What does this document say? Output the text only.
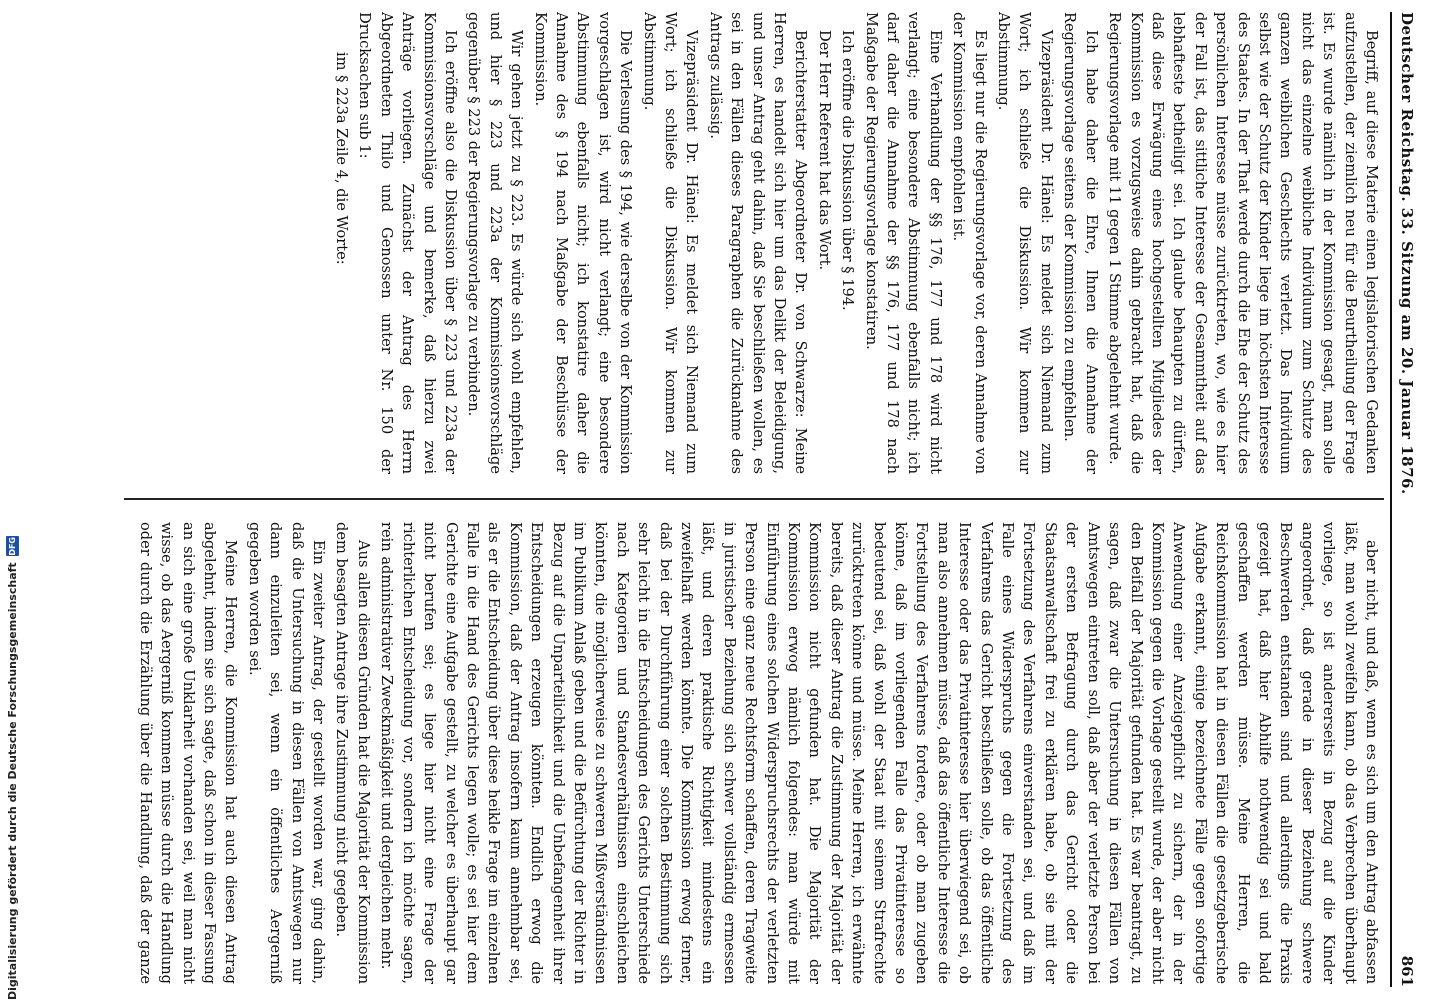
Deutscher Reichstag. 33. Sitzung am 20. Januar 1876.
861

Begriff, auf diese Materie einen legislatorischen Gedanken aufzustellen, der ziemlich neu für die Beurtheilung der Frage ist. Es wurde nämlich in der Kommission gesagt, man solle nicht das einzelne weibliche Individuum zum Schutze des ganzen weiblichen Geschlechts verletzt. Das Individuum selbst wie der Schutz der Kinder liege im höchsten Interesse des Staates. In der That werde durch die Ehe der Schutz des persönlichen Interesse müsse zurücktreten, wo, wie es hier der Fall ist, das sittliche Interesse der Gesammtheit auf das lebhafteste betheiligt sei. Ich glaube behaupten zu dürfen, daß diese Erwägung eines hochgestellten Mitgliedes der Kommission es vorzugsweise dahin gebracht hat, daß die Regierungsvorlage mit 11 gegen 1 Stimme abgelehnt wurde.

Ich habe daher die Ehre, Ihnen die Annahme der Regierungsvorlage seitens der Kommission zu empfehlen.

Vizepräsident Dr. Hänel: Es meldet sich Niemand zum Wort; ich schließe die Diskussion. Wir kommen zur Abstimmung.

Es liegt nur die Regierungsvorlage vor, deren Annahme von der Kommission empfohlen ist.

Eine Verhandlung der §§ 176, 177 und 178 wird nicht verlangt; eine besondere Abstimmung ebenfalls nicht; ich darf daher die Annahme der §§ 176, 177 und 178 nach Maßgabe der Regierungsvorlage konstatiren.

Ich eröffne die Diskussion über § 194.

Der Herr Referent hat das Wort.

Berichterstatter Abgeordneter Dr. von Schwarze: Meine Herren, es handelt sich hier um das Delikt der Beleidigung, und unser Antrag geht dahin, daß Sie beschließen wollen, es sei in den Fällen dieses Paragraphen die Zurücknahme des Antrags zulässig.

Vizepräsident Dr. Hänel: Es meldet sich Niemand zum Wort; ich schließe die Diskussion. Wir kommen zur Abstimmung.

Die Verlesung des § 194, wie derselbe von der Kommission vorgeschlagen ist, wird nicht verlangt; eine besondere Abstimmung ebenfalls nicht; ich konstatire daher die Annahme des § 194 nach Maßgabe der Beschlüsse der Kommission.

Wir gehen jetzt zu § 223. Es würde sich wohl empfehlen, und hier § 223 und 223a der Kommissionsvorschläge gegenüber § 223 der Regierungsvorlage zu verbinden.

Ich eröffne also die Diskussion über § 223 und 223a der Kommissionsvorschläge und bemerke, daß hierzu zwei Anträge vorliegen. Zunächst der Antrag des Herrn Abgeordneten Thilo und Genossen unter Nr. 150 der Drucksachen sub 1:

im § 223a Zeile 4, die Worte:

aber nicht, und daß, wenn es sich um den Antrag abfassen läßt, man wohl zweifeln kann, ob das Verbrechen überhaupt vorliege, so ist andererseits in Bezug auf die Kinder angeordnet, daß gerade in dieser Beziehung schwere Beschwerden entstanden sind und allerdings die Praxis gezeigt hat, daß hier Abhilfe nothwendig sei und bald geschaffen werden müsse. Meine Herren, die Reichskommission hat in diesen Fällen die gesetzgeberische Aufgabe erkannt, einige bezeichnete Fälle gegen sofortige Anwendung einer Anzeigepflicht zu sichern, der in der Kommission gegen die Vorlage gestellt wurde, der aber nicht den Beifall der Majorität gefunden hat. Es war beantragt, zu sagen, daß zwar die Untersuchung in diesen Fällen von Amtswegen eintreten soll, daß aber der verletzte Person bei der ersten Befragung durch das Gericht oder die Staatsanwaltschaft frei zu erklären habe, ob sie mit der Fortsetzung des Verfahrens einverstanden sei, und daß im Falle eines Widerspruchs gegen die Fortsetzung des Verfahrens das Gericht beschließen solle, ob das öffentliche Interesse oder das Privatinteresse hier überwiegend sei, ob man also annehmen müsse, daß das öffentliche Interesse die Fortstellung des Verfahrens fordere, oder ob man zugeben könne, daß im vorliegenden Falle das Privatinteresse so bedeutend sei, daß wohl der Staat mit seinem Strafrechte zurücktreten könne und müsse. Meine Herren, ich erwähnte bereits, daß dieser Antrag die Zustimmung der Majorität der Kommission nicht gefunden hat. Die Majorität der Kommission erwog nämlich folgendes: man würde mit Einführung eines solchen Widerspruchsrechts der verletzten Person eine ganz neue Rechtsform schaffen, deren Tragweite in juristischer Beziehung sich schwer vollständig ermessen läßt, und deren praktische Richtigkeit mindestens ein zweifelhaft werden könnte. Die Kommission erwog ferner, daß bei der Durchführung einer solchen Bestimmung sich sehr leicht in die Entscheidungen des Gerichts Unterschiede nach Kategorien und Standesverhältnissen einschleichen könnten, die möglicherweise zu schweren Mißverständnissen im Publikum Anlaß geben und die Befürchtung der Richter in Bezug auf die Unparteilichkeit und die Unbefangenheit ihrer Entscheidungen erzeugen könnten. Endlich erwog die Kommission, daß der Antrag insofern kaum annehmbar sei, als er die Entscheidung über diese heikle Frage im einzelnen Falle in die Hand des Gerichts legen wolle; es sei hier dem Gerichte eine Aufgabe gestellt, zu welcher es überhaupt gar nicht berufen sei; es liege hier nicht eine Frage der richterlichen Entscheidung vor, sondern ich möchte sagen, rein administrativer Zweckmäßigkeit und dergleichen mehr.

Aus allen diesen Gründen hat die Majorität der Kommission dem besagten Antrage ihre Zustimmung nicht gegeben.

Ein zweiter Antrag, der gestellt worden war, ging dahin, daß die Untersuchung in diesen Fällen von Amtswegen nur dann einzuleiten sei, wenn ein öffentliches Aergerniß gegeben worden sei.

Meine Herren, die Kommission hat auch diesen Antrag abgelehnt, indem sie sich sagte, daß schon in dieser Fassung an sich eine große Unklarheit vorhanden sei, weil man nicht wisse, ob das Aergerniß kommen müsse durch die Handlung oder durch die Erzählung über die Handlung, daß der ganze

Digitalisierung gefördert durch die Deutsche Forschungsgemeinschaft
DFG
